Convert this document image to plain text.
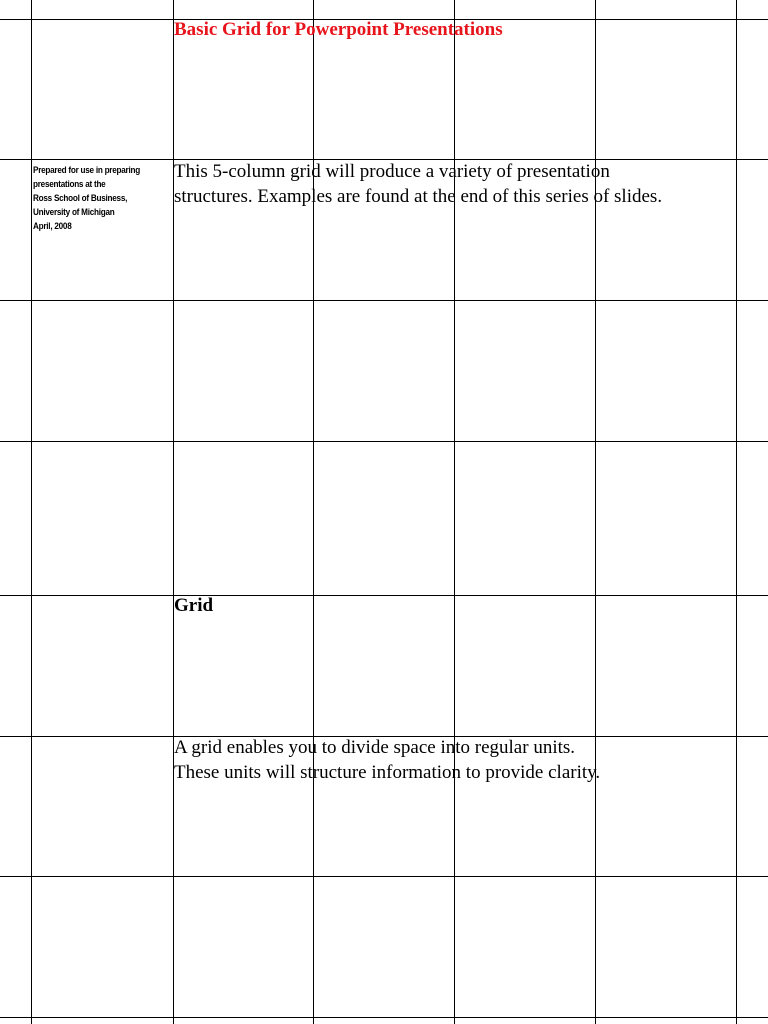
Basic Grid for Powerpoint Presentations
Prepared for use in preparing
presentations at the
Ross School of Business,
University of Michigan
April, 2008
This 5-column grid will produce a variety of presentation
structures. Examples are found at the end of this series of slides.
Grid
A grid enables you to divide space into regular units.
These units will structure information to provide clarity.
